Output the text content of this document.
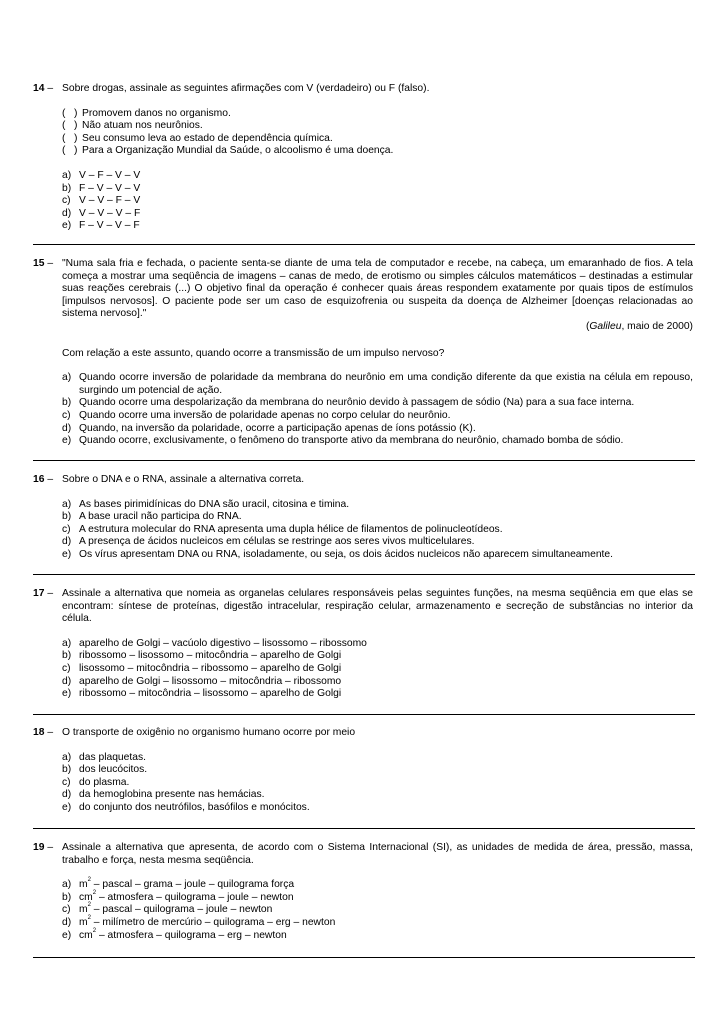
14 – Sobre drogas, assinale as seguintes afirmações com V (verdadeiro) ou F (falso).
( ) Promovem danos no organismo.
( ) Não atuam nos neurônios.
( ) Seu consumo leva ao estado de dependência química.
( ) Para a Organização Mundial da Saúde, o alcoolismo é uma doença.
a) V – F – V – V
b) F – V – V – V
c) V – V – F – V
d) V – V – V – F
e) F – V – V – F
15 – "Numa sala fria e fechada, o paciente senta-se diante de uma tela de computador e recebe, na cabeça, um emaranhado de fios. A tela começa a mostrar uma seqüência de imagens – canas de medo, de erotismo ou simples cálculos matemáticos – destinadas a estimular suas reações cerebrais (...) O objetivo final da operação é conhecer quais áreas respondem exatamente por quais tipos de estímulos [impulsos nervosos]. O paciente pode ser um caso de esquizofrenia ou suspeita da doença de Alzheimer [doenças relacionadas ao sistema nervoso]."
(Galileu, maio de 2000)
Com relação a este assunto, quando ocorre a transmissão de um impulso nervoso?
a) Quando ocorre inversão de polaridade da membrana do neurônio em uma condição diferente da que existia na célula em repouso, surgindo um potencial de ação.
b) Quando ocorre uma despolarização da membrana do neurônio devido à passagem de sódio (Na) para a sua face interna.
c) Quando ocorre uma inversão de polaridade apenas no corpo celular do neurônio.
d) Quando, na inversão da polaridade, ocorre a participação apenas de íons potássio (K).
e) Quando ocorre, exclusivamente, o fenômeno do transporte ativo da membrana do neurônio, chamado bomba de sódio.
16 – Sobre o DNA e o RNA, assinale a alternativa correta.
a) As bases pirimidínicas do DNA são uracil, citosina e timina.
b) A base uracil não participa do RNA.
c) A estrutura molecular do RNA apresenta uma dupla hélice de filamentos de polinucleotídeos.
d) A presença de ácidos nucleicos em células se restringe aos seres vivos multicelulares.
e) Os vírus apresentam DNA ou RNA, isoladamente, ou seja, os dois ácidos nucleicos não aparecem simultaneamente.
17 – Assinale a alternativa que nomeia as organelas celulares responsáveis pelas seguintes funções, na mesma seqüência em que elas se encontram: síntese de proteínas, digestão intracelular, respiração celular, armazenamento e secreção de substâncias no interior da célula.
a) aparelho de Golgi – vacúolo digestivo – lisossomo – ribossomo
b) ribossomo – lisossomo – mitocôndria – aparelho de Golgi
c) lisossomo – mitocôndria – ribossomo – aparelho de Golgi
d) aparelho de Golgi – lisossomo – mitocôndria – ribossomo
e) ribossomo – mitocôndria – lisossomo – aparelho de Golgi
18 – O transporte de oxigênio no organismo humano ocorre por meio
a) das plaquetas.
b) dos leucócitos.
c) do plasma.
d) da hemoglobina presente nas hemácias.
e) do conjunto dos neutrófilos, basófilos e monócitos.
19 – Assinale a alternativa que apresenta, de acordo com o Sistema Internacional (SI), as unidades de medida de área, pressão, massa, trabalho e força, nesta mesma seqüência.
a) $m^2$ – pascal – grama – joule – quilograma força
b) $cm^2$ – atmosfera – quilograma – joule – newton
c) $m^2$ – pascal – quilograma – joule – newton
d) $m^2$ – milímetro de mercúrio – quilograma – erg – newton
e) $cm^2$ – atmosfera – quilograma – erg – newton
